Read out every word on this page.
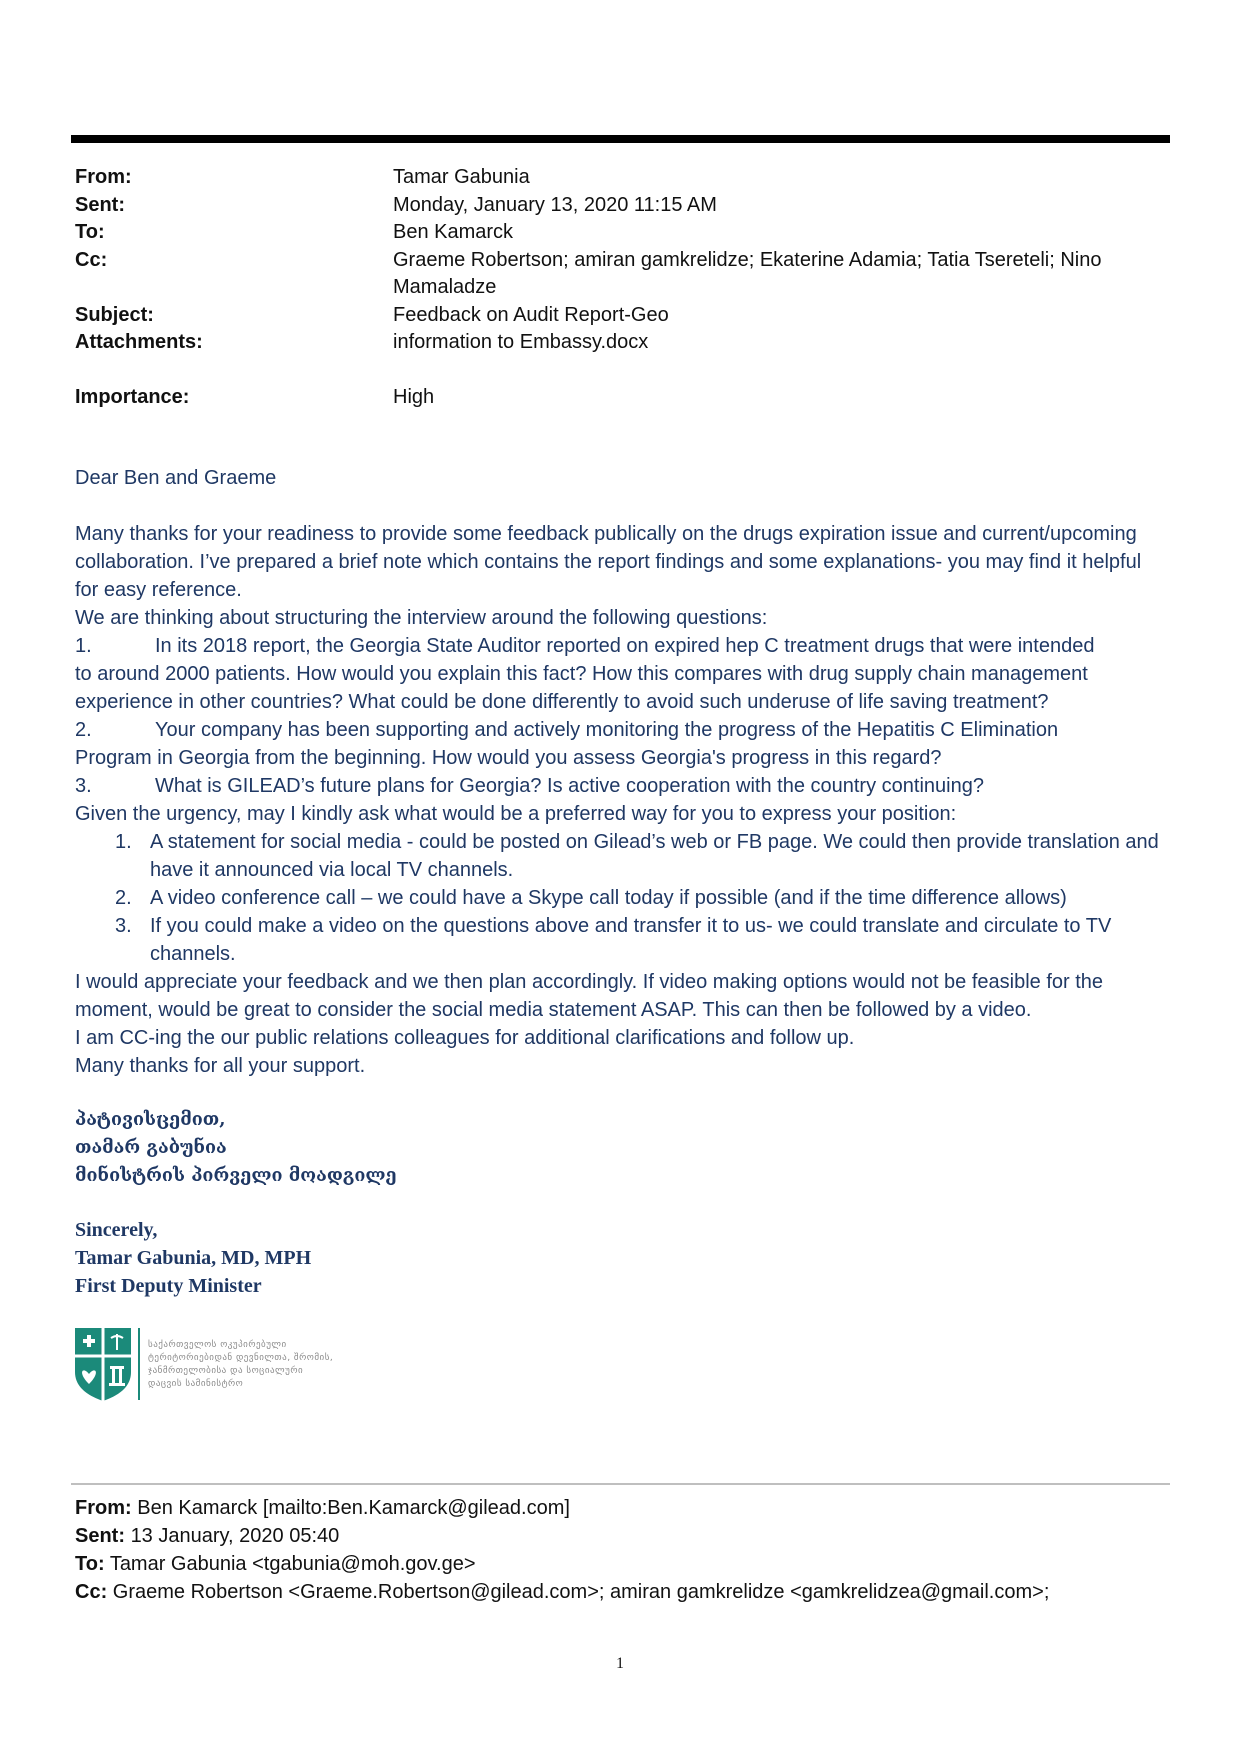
From:	Tamar Gabunia
Sent:	Monday, January 13, 2020 11:15 AM
To:	Ben Kamarck
Cc:	Graeme Robertson; amiran gamkrelidze; Ekaterine Adamia; Tatia Tsereteli; Nino Mamaladze
Subject:	Feedback on Audit Report-Geo
Attachments:	information to Embassy.docx
Importance:	High

Dear Ben and Graeme

Many thanks for your readiness to provide some feedback publically on the drugs expiration issue and current/upcoming collaboration. I’ve prepared a brief note which contains the report findings and some explanations- you may find it helpful for easy reference.

We are thinking about structuring the interview around the following questions:

1.	In its 2018 report, the Georgia State Auditor reported on expired hep C treatment drugs that were intended

to around 2000 patients. How would you explain this fact? How this compares with drug supply chain management experience in other countries? What could be done differently to avoid such underuse of life saving treatment?

2.	Your company has been supporting and actively monitoring the progress of the Hepatitis C Elimination

Program in Georgia from the beginning. How would you assess Georgia's progress in this regard?

3.	What is GILEAD’s future plans for Georgia? Is active cooperation with the country continuing?

Given the urgency, may I kindly ask what would be a preferred way for you to express your position:

1. A statement for social media - could be posted on Gilead’s web or FB page. We could then provide translation and have it announced via local TV channels.
2. A video conference call – we could have a Skype call today if possible (and if the time difference allows)
3. If you could make a video on the questions above and transfer it to us- we could translate and circulate to TV channels.

I would appreciate your feedback and we then plan accordingly. If video making options would not be feasible for the moment, would be great to consider the social media statement ASAP. This can then be followed by a video.

I am CC-ing the our public relations colleagues for additional clarifications and follow up.

Many thanks for all your support.

პატივისცემით,
თამარ გაბუნია
მინისტრის პირველი მოადგილე
Sincerely,
Tamar Gabunia, MD, MPH
First Deputy Minister
საქართველოს ოკუპირებული ტერიტორიებიდან დევნილთა, შრომის, ჯანმრთელობისა და სოციალური დაცვის სამინისტრო
From: Ben Kamarck [mailto:Ben.Kamarck@gilead.com]
Sent: 13 January, 2020 05:40
To: Tamar Gabunia <tgabunia@moh.gov.ge>
Cc: Graeme Robertson <Graeme.Robertson@gilead.com>; amiran gamkrelidze <gamkrelidzea@gmail.com>;
1
